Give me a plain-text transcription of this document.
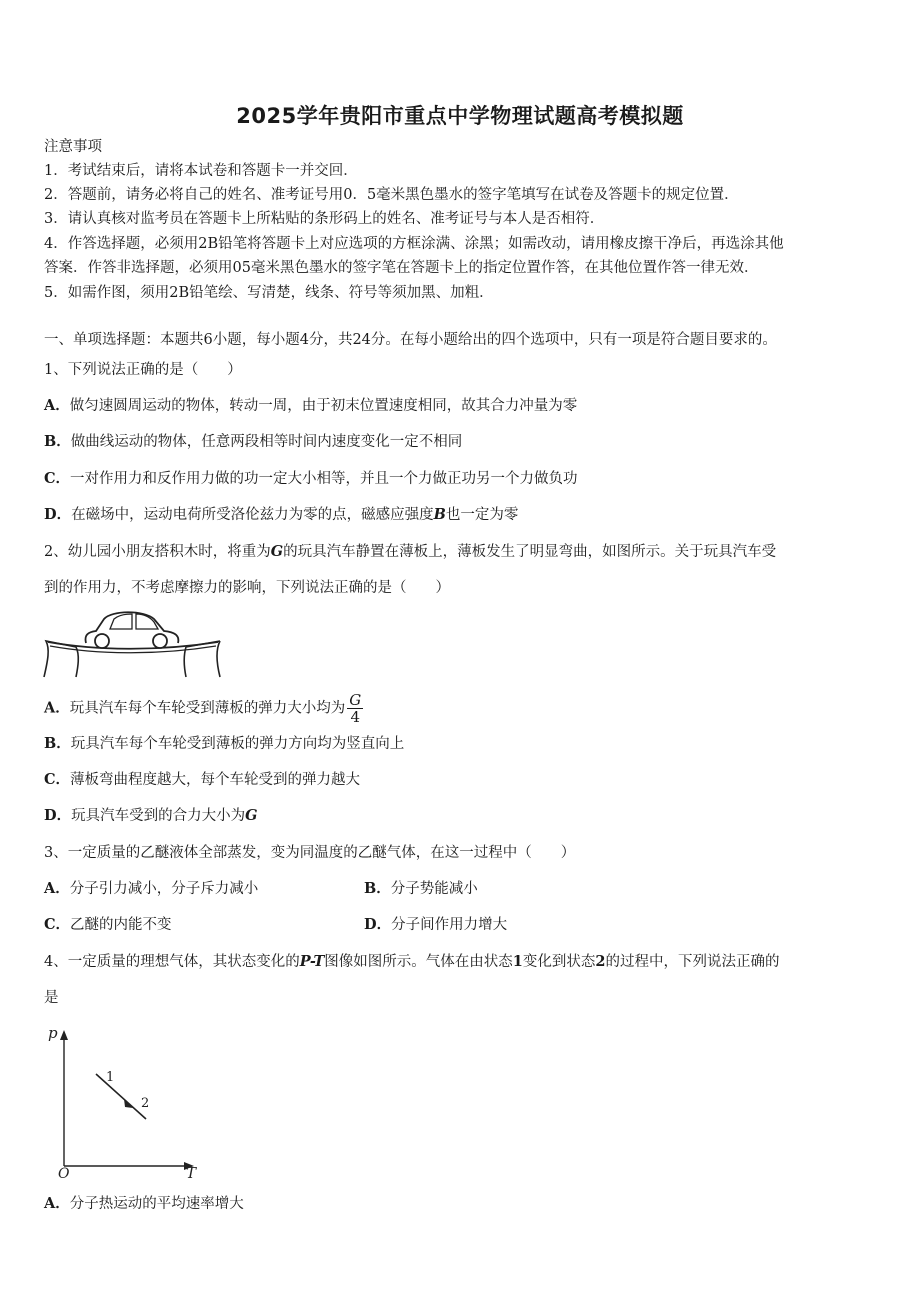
2025学年贵阳市重点中学物理试题高考模拟题
注意事项
1．考试结束后，请将本试卷和答题卡一并交回．
2．答题前，请务必将自己的姓名、准考证号用0．5毫米黑色墨水的签字笔填写在试卷及答题卡的规定位置．
3．请认真核对监考员在答题卡上所粘贴的条形码上的姓名、准考证号与本人是否相符．
4．作答选择题，必须用2B铅笔将答题卡上对应选项的方框涂满、涂黑；如需改动，请用橡皮擦干净后，再选涂其他
答案．作答非选择题，必须用05毫米黑色墨水的签字笔在答题卡上的指定位置作答，在其他位置作答一律无效．
5．如需作图，须用2B铅笔绘、写清楚，线条、符号等须加黑、加粗．
一、单项选择题：本题共6小题，每小题4分，共24分。在每小题给出的四个选项中，只有一项是符合题目要求的。
1、下列说法正确的是（　　）
A．做匀速圆周运动的物体，转动一周，由于初末位置速度相同，故其合力冲量为零
B．做曲线运动的物体，任意两段相等时间内速度变化一定不相同
C．一对作用力和反作用力做的功一定大小相等，并且一个力做正功另一个力做负功
D．在磁场中，运动电荷所受洛伦兹力为零的点，磁感应强度B也一定为零
2、幼儿园小朋友搭积木时，将重为G的玩具汽车静置在薄板上，薄板发生了明显弯曲，如图所示。关于玩具汽车受
到的作用力，不考虑摩擦力的影响，下列说法正确的是（　　）
A．玩具汽车每个车轮受到薄板的弹力大小均为 $\frac{G}{4}$
B．玩具汽车每个车轮受到薄板的弹力方向均为竖直向上
C．薄板弯曲程度越大，每个车轮受到的弹力越大
D．玩具汽车受到的合力大小为G
3、一定质量的乙醚液体全部蒸发，变为同温度的乙醚气体，在这一过程中（　　）
A．分子引力减小，分子斥力减小	B．分子势能减小
C．乙醚的内能不变	D．分子间作用力增大
4、一定质量的理想气体，其状态变化的P-T图像如图所示。气体在由状态1变化到状态2的过程中，下列说法正确的
是
p
T
O
1
2
A．分子热运动的平均速率增大
